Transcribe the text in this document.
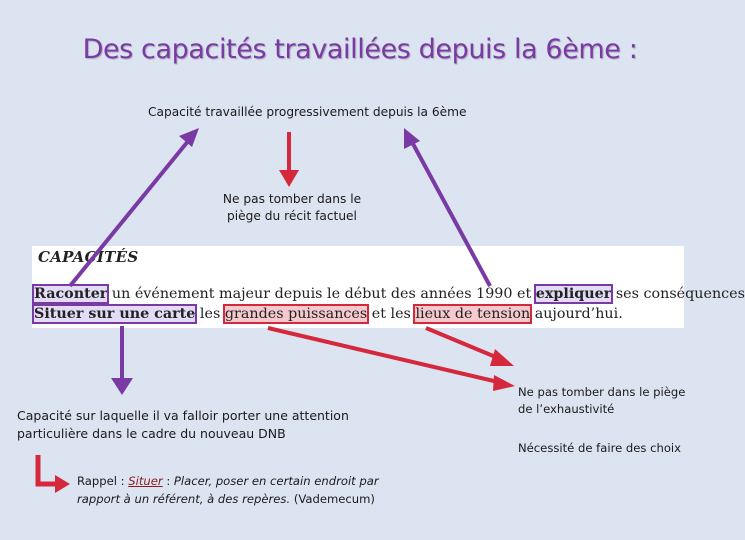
Des capacités travaillées depuis la 6ème :
Capacité travaillée progressivement depuis la 6ème
Ne pas tomber dans le
piège du récit factuel
CAPACITÉS
Raconter un événement majeur depuis le début des années 1990 et expliquer ses conséquences
Situer sur une carte les grandes puissances et les lieux de tension aujourd’hui.
Capacité sur laquelle il va falloir porter une attention
particulière dans le cadre du nouveau DNB
Rappel : Situer : Placer, poser en certain endroit par
rapport à un référent, à des repères. (Vademecum)
Ne pas tomber dans le piège
de l’exhaustivité
Nécessité de faire des choix
